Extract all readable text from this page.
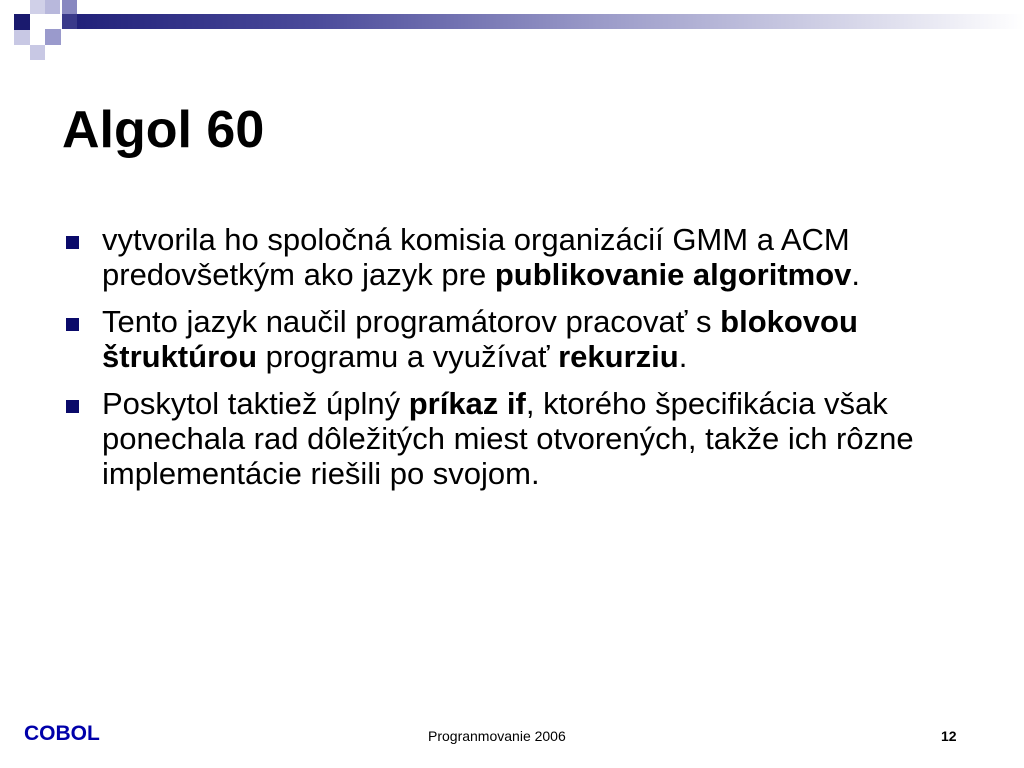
Algol 60
vytvorila ho spoločná komisia organizácií GMM a ACM predovšetkým ako jazyk pre publikovanie algoritmov.
Tento jazyk naučil programátorov pracovať s blokovou štruktúrou programu a využívať rekurziu.
Poskytol taktiež úplný príkaz if, ktorého špecifikácia však ponechala rad dôležitých miest otvorených, takže ich rôzne implementácie riešili po svojom.
COBOL	Progranmovanie 2006	12
